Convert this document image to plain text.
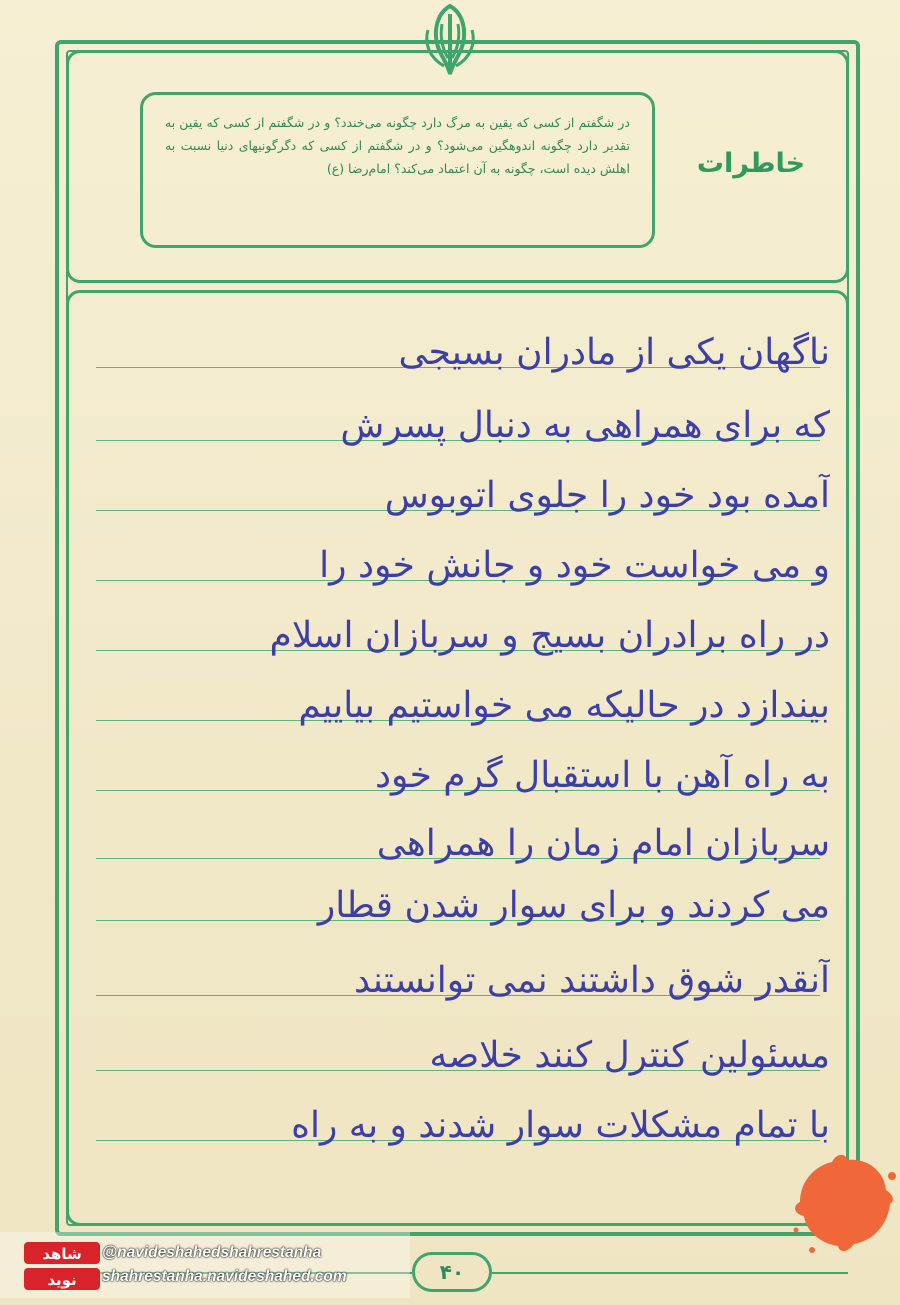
در شگفتم از کسی که یقین به مرگ دارد چگونه می‌خندد؟ و در شگفتم از کسی که یقین به تقدیر دارد چگونه اندوهگین می‌شود؟ و در شگفتم از کسی که دگرگونیهای دنیا نسبت به اهلش دیده است، چگونه به آن اعتماد می‌کند؟ امام‌رضا (ع)	خاطرات
ناگهان یکی از مادران بسیجی
که برای همراهی به دنبال پسرش
آمده بود خود را جلوی اتوبوس
و می خواست خود و جانش خود را
در راه برادران بسیج و سربازان اسلام
بیندازد در حالیکه می خواستیم بیاییم
به راه آهن با استقبال گرم خود
سربازان امام زمان را همراهی
می کردند و برای سوار شدن قطار
آنقدر شوق داشتند نمی توانستند
مسئولین کنترل کنند خلاصه
با تمام مشکلات سوار شدند و به راه
۴۰
شاهد
نوید
@navideshahedshahrestanha
shahrestanha.navideshahed.com
